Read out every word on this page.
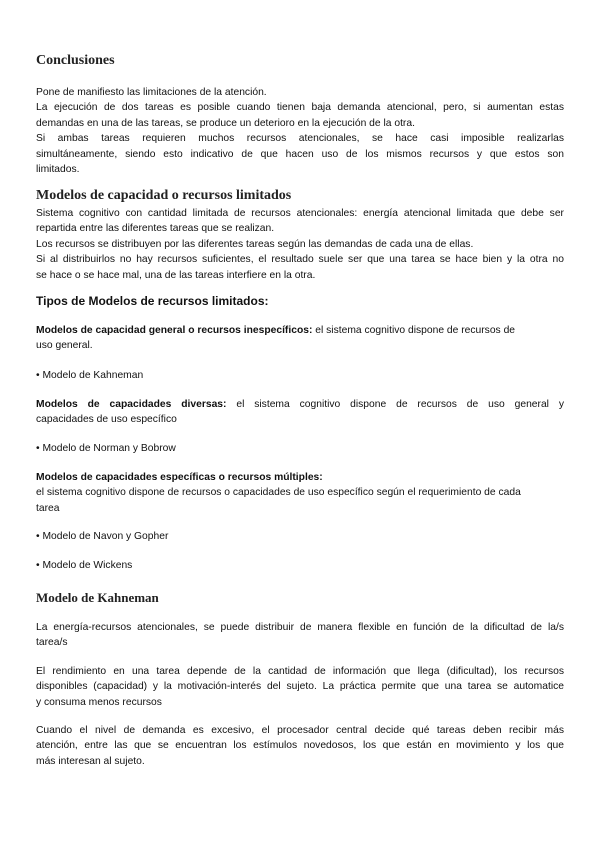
Conclusiones
Pone de manifiesto las limitaciones de la atención.
La ejecución de dos tareas es posible cuando tienen baja demanda atencional, pero, si aumentan estas
demandas en una de las tareas, se produce un deterioro en la ejecución de la otra.
Si ambas tareas requieren muchos recursos atencionales, se hace casi imposible realizarlas
simultáneamente, siendo esto indicativo de que hacen uso de los mismos recursos y que estos son
limitados.
Modelos de capacidad o recursos limitados
Sistema cognitivo con cantidad limitada de recursos atencionales: energía atencional limitada que debe ser
repartida entre las diferentes tareas que se realizan.
Los recursos se distribuyen por las diferentes tareas según las demandas de cada una de ellas.
Si al distribuirlos no hay recursos suficientes, el resultado suele ser que una tarea se hace bien y la otra no
se hace o se hace mal, una de las tareas interfiere en la otra.
Tipos de Modelos de recursos limitados:
Modelos de capacidad general o recursos inespecíficos: el sistema cognitivo dispone de recursos de
uso general.
• Modelo de Kahneman
Modelos de capacidades diversas: el sistema cognitivo dispone de recursos de uso general y
capacidades de uso específico
• Modelo de Norman y Bobrow
Modelos de capacidades específicas o recursos múltiples:
el sistema cognitivo dispone de recursos o capacidades de uso específico según el requerimiento de cada
tarea
• Modelo de Navon y Gopher
• Modelo de Wickens
Modelo de Kahneman
La energía-recursos atencionales, se puede distribuir de manera flexible en función de la dificultad de la/s
tarea/s
El rendimiento en una tarea depende de la cantidad de información que llega (dificultad), los recursos
disponibles (capacidad) y la motivación-interés del sujeto. La práctica permite que una tarea se automatice
y consuma menos recursos
Cuando el nivel de demanda es excesivo, el procesador central decide qué tareas deben recibir más
atención, entre las que se encuentran los estímulos novedosos, los que están en movimiento y los que
más interesan al sujeto.
